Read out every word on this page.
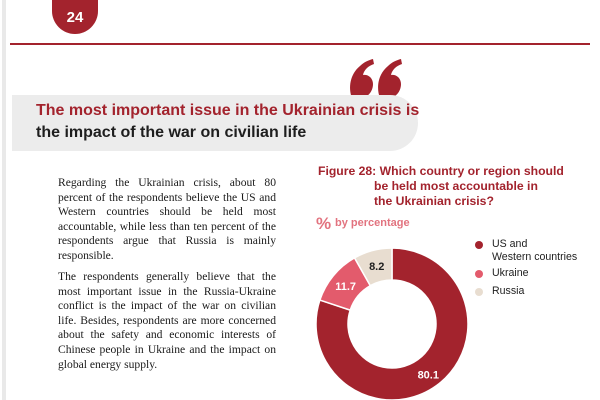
24
The most important issue in the Ukrainian crisis is
the impact of the war on civilian life

Regarding the Ukrainian crisis, about 80 percent of the respondents believe the US and Western countries should be held most accountable, while less than ten percent of the respondents argue that Russia is mainly responsible.

The respondents generally believe that the most important issue in the Russia-Ukraine conflict is the impact of the war on civilian life. Besides, respondents are more concerned about the safety and economic interests of Chinese people in Ukraine and the impact on global energy supply.

Figure 28: Which country or region should
be held most accountable in
the Ukrainian crisis?
% by percentage
80.1
11.7
8.2
US and
Western countries
Ukraine
Russia
